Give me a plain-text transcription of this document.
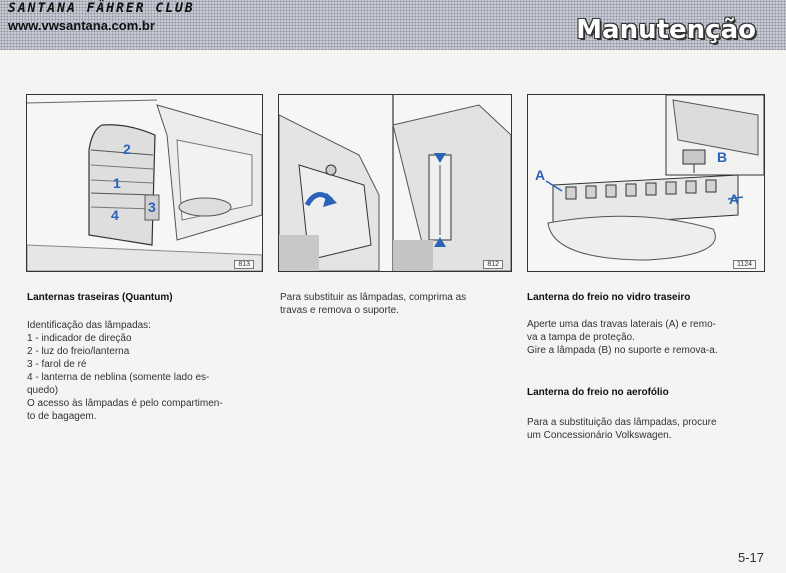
SANTANA FÄHRER CLUB
www.vwsantana.com.br	Manutenção
2
1
4 3
813	812
A
B
A
1124
Lanternas traseiras (Quantum)
Identificação das lâmpadas:
1 - indicador de direção
2 - luz do freio/lanterna
3 - farol de ré
4 - lanterna de neblina (somente lado es-
quedo)
O acesso às lâmpadas é pelo compartimen-
to de bagagem.
Para substituir as lâmpadas, comprima as
travas e remova o suporte.
Lanterna do freio no vidro traseiro
Aperte uma das travas laterais (A) e remo-
va a tampa de proteção.
Gire a lâmpada (B) no suporte e remova-a.
Lanterna do freio no aerofólio
Para a substituição das lâmpadas, procure
um Concessionário Volkswagen.
5-17
